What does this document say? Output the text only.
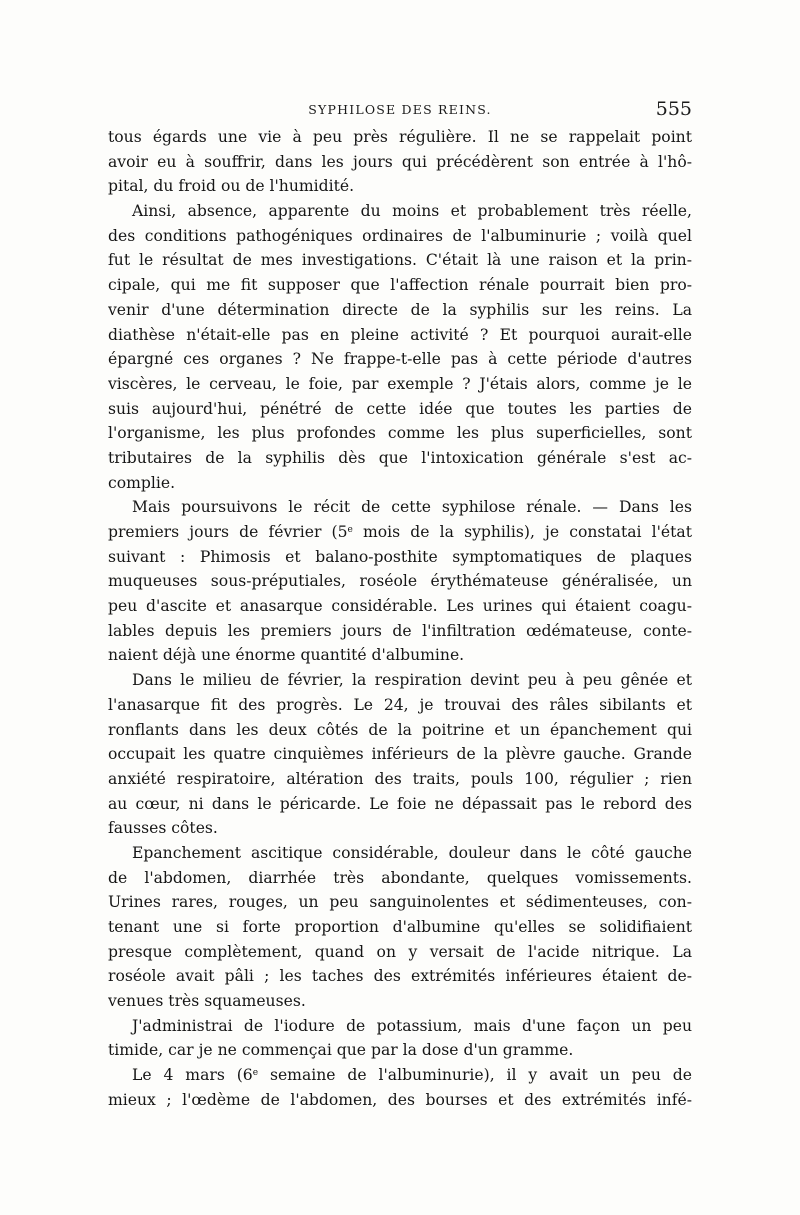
SYPHILOSE DES REINS.	555
tous égards une vie à peu près régulière. Il ne se rappelait point
avoir eu à souffrir, dans les jours qui précédèrent son entrée à l'hô-
pital, du froid ou de l'humidité.
Ainsi, absence, apparente du moins et probablement très réelle,
des conditions pathogéniques ordinaires de l'albuminurie ; voilà quel
fut le résultat de mes investigations. C'était là une raison et la prin-
cipale, qui me fit supposer que l'affection rénale pourrait bien pro-
venir d'une détermination directe de la syphilis sur les reins. La
diathèse n'était-elle pas en pleine activité ? Et pourquoi aurait-elle
épargné ces organes ? Ne frappe-t-elle pas à cette période d'autres
viscères, le cerveau, le foie, par exemple ? J'étais alors, comme je le
suis aujourd'hui, pénétré de cette idée que toutes les parties de
l'organisme, les plus profondes comme les plus superficielles, sont
tributaires de la syphilis dès que l'intoxication générale s'est ac-
complie.
Mais poursuivons le récit de cette syphilose rénale. — Dans les
premiers jours de février (5e mois de la syphilis), je constatai l'état
suivant : Phimosis et balano-posthite symptomatiques de plaques
muqueuses sous-préputiales, roséole érythémateuse généralisée, un
peu d'ascite et anasarque considérable. Les urines qui étaient coagu-
lables depuis les premiers jours de l'infiltration œdémateuse, conte-
naient déjà une énorme quantité d'albumine.
Dans le milieu de février, la respiration devint peu à peu gênée et
l'anasarque fit des progrès. Le 24, je trouvai des râles sibilants et
ronflants dans les deux côtés de la poitrine et un épanchement qui
occupait les quatre cinquièmes inférieurs de la plèvre gauche. Grande
anxiété respiratoire, altération des traits, pouls 100, régulier ; rien
au cœur, ni dans le péricarde. Le foie ne dépassait pas le rebord des
fausses côtes.
Epanchement ascitique considérable, douleur dans le côté gauche
de l'abdomen, diarrhée très abondante, quelques vomissements.
Urines rares, rouges, un peu sanguinolentes et sédimenteuses, con-
tenant une si forte proportion d'albumine qu'elles se solidifiaient
presque complètement, quand on y versait de l'acide nitrique. La
roséole avait pâli ; les taches des extrémités inférieures étaient de-
venues très squameuses.
J'administrai de l'iodure de potassium, mais d'une façon un peu
timide, car je ne commençai que par la dose d'un gramme.
Le 4 mars (6e semaine de l'albuminurie), il y avait un peu de
mieux ; l'œdème de l'abdomen, des bourses et des extrémités infé-
